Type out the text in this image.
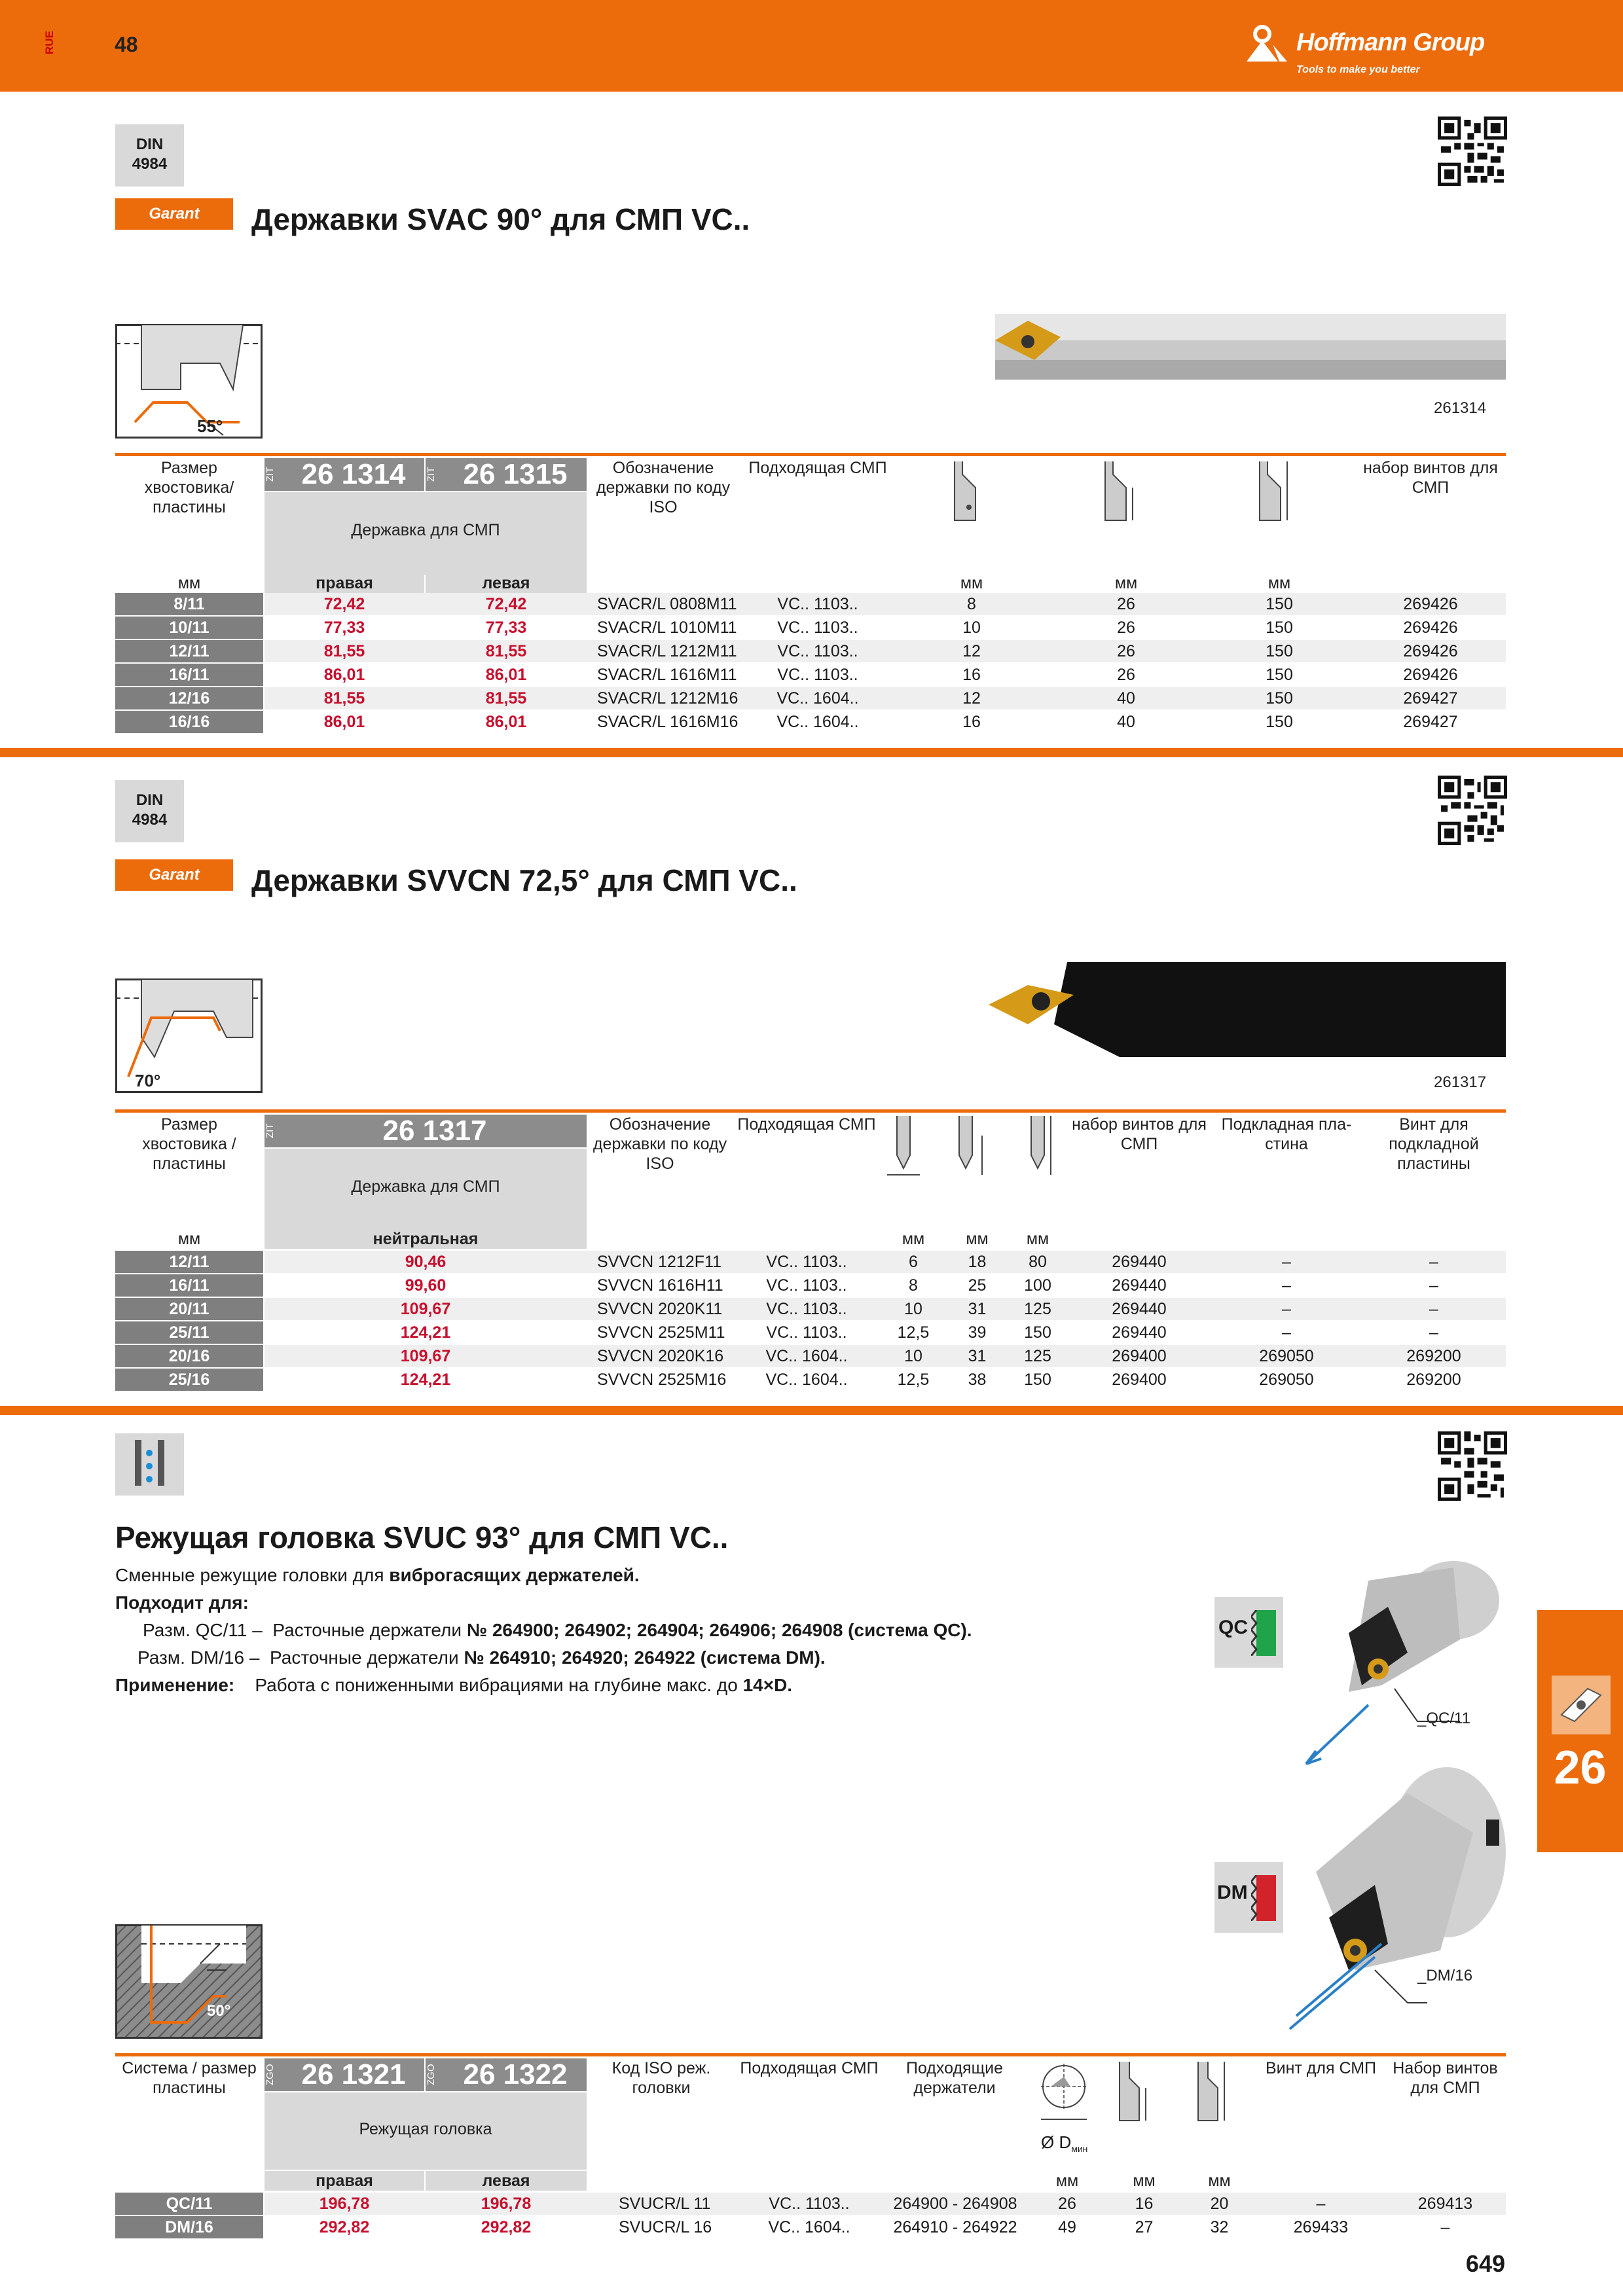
RUE	48	Hoffmann Group
Tools to make you better
DIN
4984
Garant	Державки SVAC 90° для СМП VC..
55°
261314
Размер
хвостовика/
пластины
ZIT 26 1314	ZIT 26 1315
Державка для СМП
Обозначение
державки по коду
ISO
Подходящая СМП	набор винтов для
СМП
мм	правая	левая	мм	мм	мм
8/11	72,42	72,42	SVACR/L 0808M11	VC.. 1103..	8	26	150	269426
10/11	77,33	77,33	SVACR/L 1010M11	VC.. 1103..	10	26	150	269426
12/11	81,55	81,55	SVACR/L 1212M11	VC.. 1103..	12	26	150	269426
16/11	86,01	86,01	SVACR/L 1616M11	VC.. 1103..	16	26	150	269426
12/16	81,55	81,55	SVACR/L 1212M16	VC.. 1604..	12	40	150	269427
16/16	86,01	86,01	SVACR/L 1616M16	VC.. 1604..	16	40	150	269427
DIN
4984
Garant	Державки SVVCN 72,5° для СМП VC..
70°	261317
Размер
хвостовика /
пластины
ZIT	26 1317
Державка для СМП
Обозначение
державки по коду
ISO
Подходящая СМП	набор винтов для
СМП
Подкладная пла-
стина
Винт для
подкладной
пластины
мм	нейтральная	мм	мм	мм
12/11	90,46	SVVCN 1212F11	VC.. 1103..	6	18	80	269440	–	–
16/11	99,60	SVVCN 1616H11	VC.. 1103..	8	25	100	269440	–	–
20/11	109,67	SVVCN 2020K11	VC.. 1103..	10	31	125	269440	–	–
25/11	124,21	SVVCN 2525M11	VC.. 1103..	12,5	39	150	269440	–	–
20/16	109,67	SVVCN 2020K16	VC.. 1604..	10	31	125	269400	269050	269200
25/16	124,21	SVVCN 2525M16	VC.. 1604..	12,5	38	150	269400	269050	269200
Режущая головка SVUC 93° для СМП VC..
Сменные режущие головки для виброгасящих держателей.
Подходит для:
Разм. QC/11 – Расточные держатели № 264900; 264902; 264904; 264906; 264908 (система QC).
Разм. DM/16 – Расточные держатели № 264910; 264920; 264922 (система DM).
Применение: Работа с пониженными вибрациями на глубине макс. до 14×D.
QC
DM
_QC/11
_DM/16
50°
Система / размер
пластины
ZGO 26 1321	ZGO 26 1322
Режущая головка
Код ISO реж.
головки
Подходящая СМП	Подходящие
держатели
Ø $D_{мин}$
Винт для СМП	Набор винтов
для СМП
правая	левая	мм	мм	мм
QC/11	196,78	196,78	SVUCR/L 11	VC.. 1103..	264900 - 264908	26	16	20	–	269413
DM/16	292,82	292,82	SVUCR/L 16	VC.. 1604..	264910 - 264922	49	27	32	269433	–
26
649
